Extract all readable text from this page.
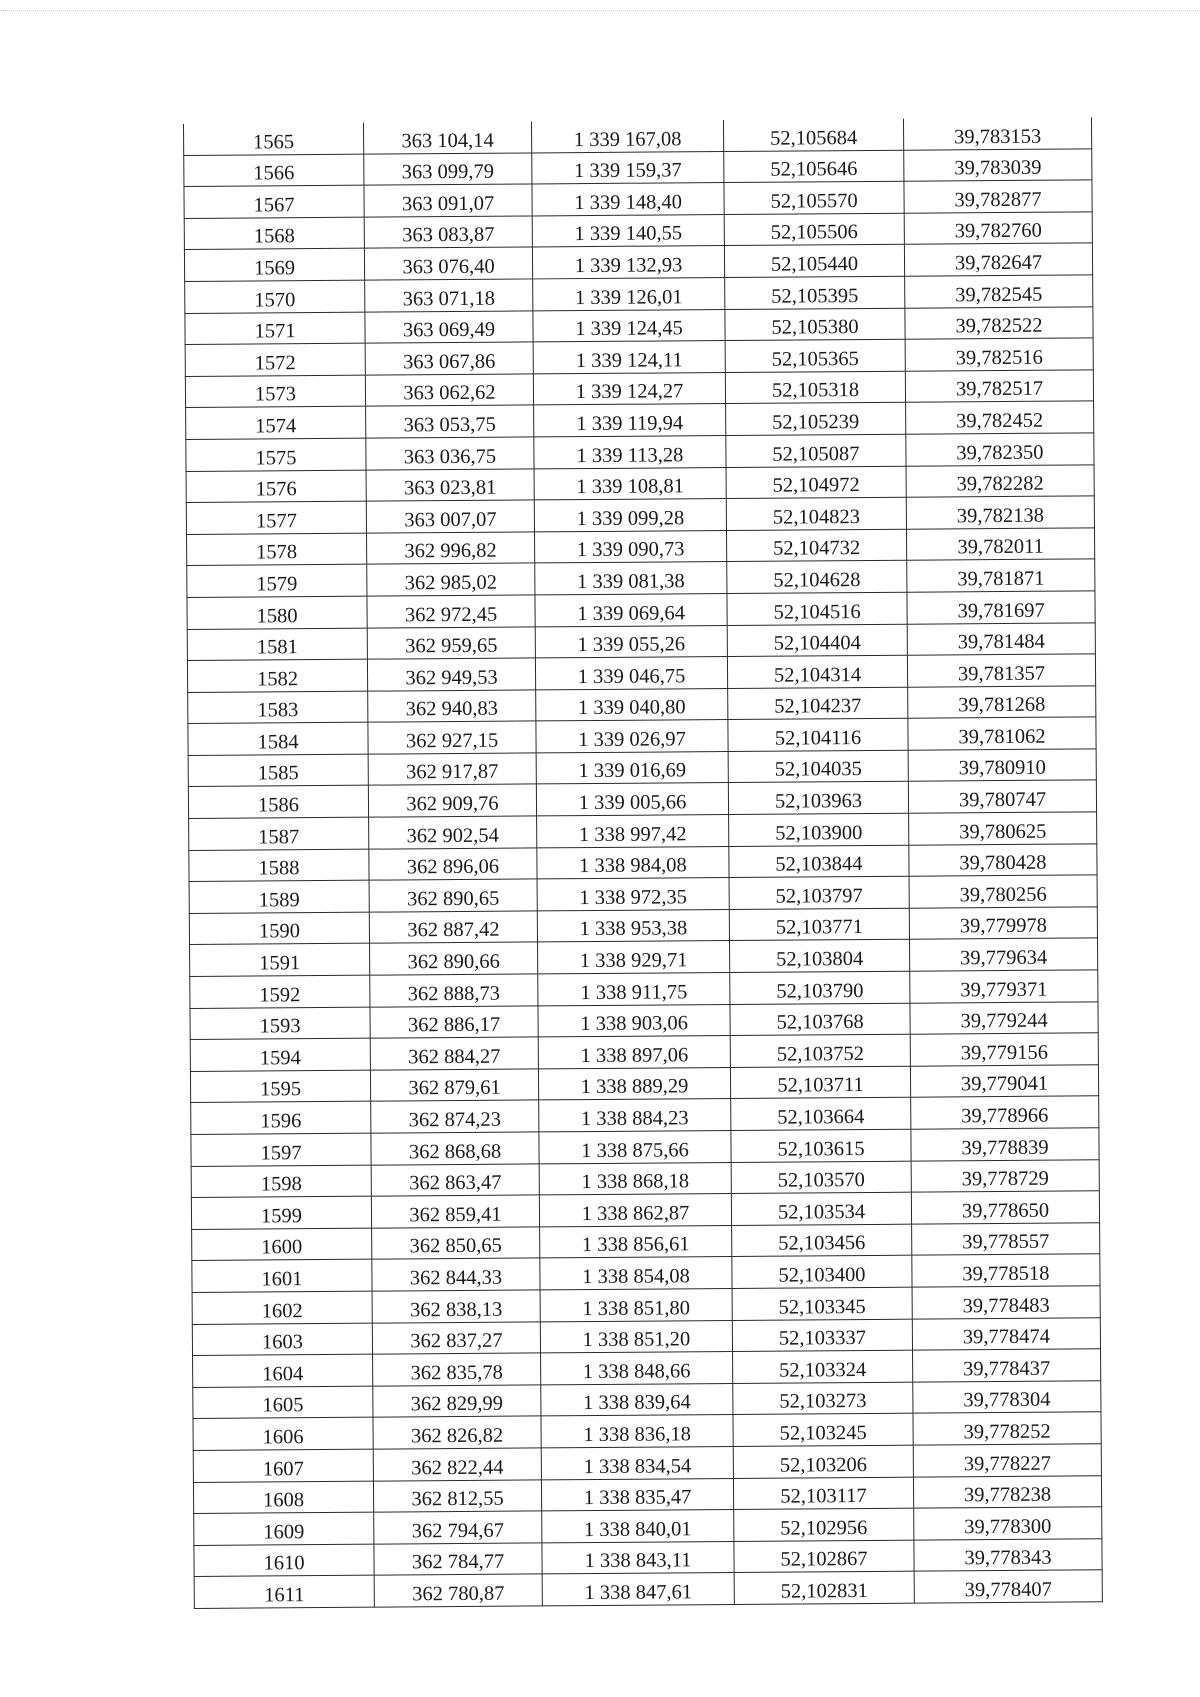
1565	363 104,14	1 339 167,08	52,105684	39,783153
1566	363 099,79	1 339 159,37	52,105646	39,783039
1567	363 091,07	1 339 148,40	52,105570	39,782877
1568	363 083,87	1 339 140,55	52,105506	39,782760
1569	363 076,40	1 339 132,93	52,105440	39,782647
1570	363 071,18	1 339 126,01	52,105395	39,782545
1571	363 069,49	1 339 124,45	52,105380	39,782522
1572	363 067,86	1 339 124,11	52,105365	39,782516
1573	363 062,62	1 339 124,27	52,105318	39,782517
1574	363 053,75	1 339 119,94	52,105239	39,782452
1575	363 036,75	1 339 113,28	52,105087	39,782350
1576	363 023,81	1 339 108,81	52,104972	39,782282
1577	363 007,07	1 339 099,28	52,104823	39,782138
1578	362 996,82	1 339 090,73	52,104732	39,782011
1579	362 985,02	1 339 081,38	52,104628	39,781871
1580	362 972,45	1 339 069,64	52,104516	39,781697
1581	362 959,65	1 339 055,26	52,104404	39,781484
1582	362 949,53	1 339 046,75	52,104314	39,781357
1583	362 940,83	1 339 040,80	52,104237	39,781268
1584	362 927,15	1 339 026,97	52,104116	39,781062
1585	362 917,87	1 339 016,69	52,104035	39,780910
1586	362 909,76	1 339 005,66	52,103963	39,780747
1587	362 902,54	1 338 997,42	52,103900	39,780625
1588	362 896,06	1 338 984,08	52,103844	39,780428
1589	362 890,65	1 338 972,35	52,103797	39,780256
1590	362 887,42	1 338 953,38	52,103771	39,779978
1591	362 890,66	1 338 929,71	52,103804	39,779634
1592	362 888,73	1 338 911,75	52,103790	39,779371
1593	362 886,17	1 338 903,06	52,103768	39,779244
1594	362 884,27	1 338 897,06	52,103752	39,779156
1595	362 879,61	1 338 889,29	52,103711	39,779041
1596	362 874,23	1 338 884,23	52,103664	39,778966
1597	362 868,68	1 338 875,66	52,103615	39,778839
1598	362 863,47	1 338 868,18	52,103570	39,778729
1599	362 859,41	1 338 862,87	52,103534	39,778650
1600	362 850,65	1 338 856,61	52,103456	39,778557
1601	362 844,33	1 338 854,08	52,103400	39,778518
1602	362 838,13	1 338 851,80	52,103345	39,778483
1603	362 837,27	1 338 851,20	52,103337	39,778474
1604	362 835,78	1 338 848,66	52,103324	39,778437
1605	362 829,99	1 338 839,64	52,103273	39,778304
1606	362 826,82	1 338 836,18	52,103245	39,778252
1607	362 822,44	1 338 834,54	52,103206	39,778227
1608	362 812,55	1 338 835,47	52,103117	39,778238
1609	362 794,67	1 338 840,01	52,102956	39,778300
1610	362 784,77	1 338 843,11	52,102867	39,778343
1611	362 780,87	1 338 847,61	52,102831	39,778407
